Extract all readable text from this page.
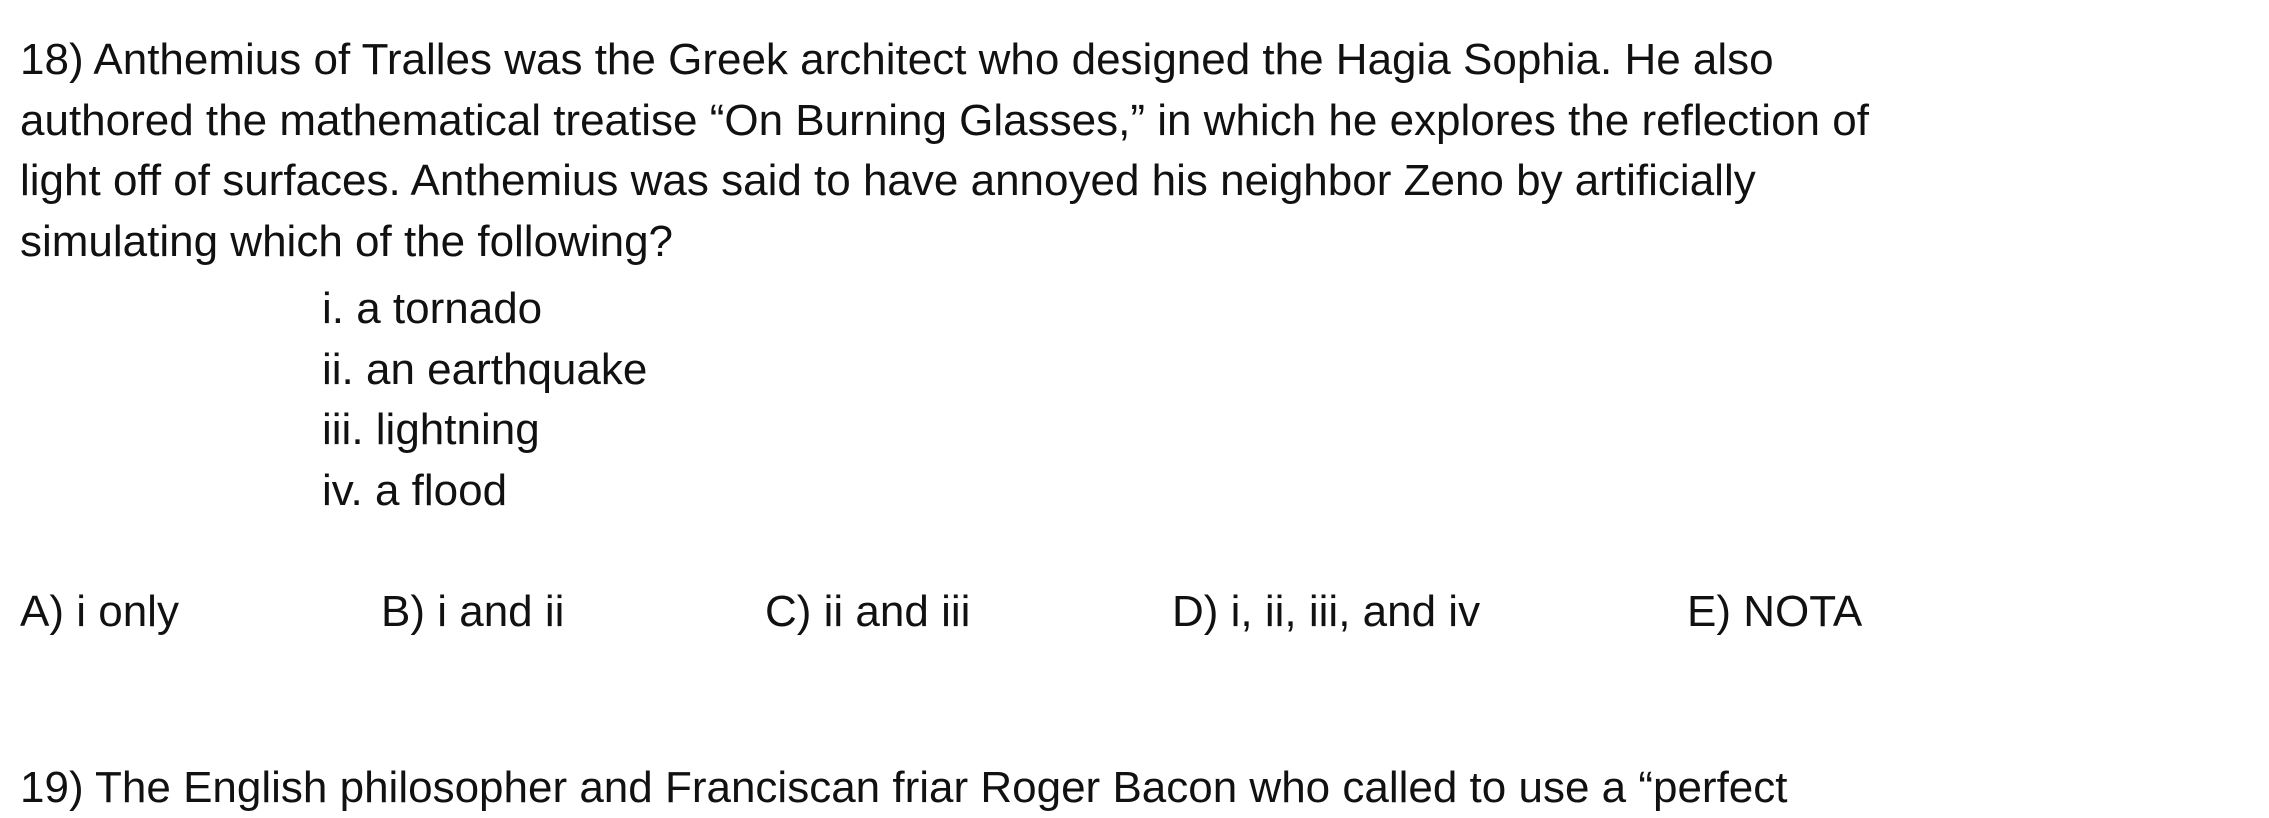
18) Anthemius of Tralles was the Greek architect who designed the Hagia Sophia. He also
authored the mathematical treatise “On Burning Glasses,” in which he explores the reflection of
light off of surfaces. Anthemius was said to have annoyed his neighbor Zeno by artificially
simulating which of the following?
i. a tornado
ii. an earthquake
iii. lightning
iv. a flood
A) i only	B) i and ii	C) ii and iii	D) i, ii, iii, and iv	E) NOTA
19) The English philosopher and Franciscan friar Roger Bacon who called to use a “perfect
